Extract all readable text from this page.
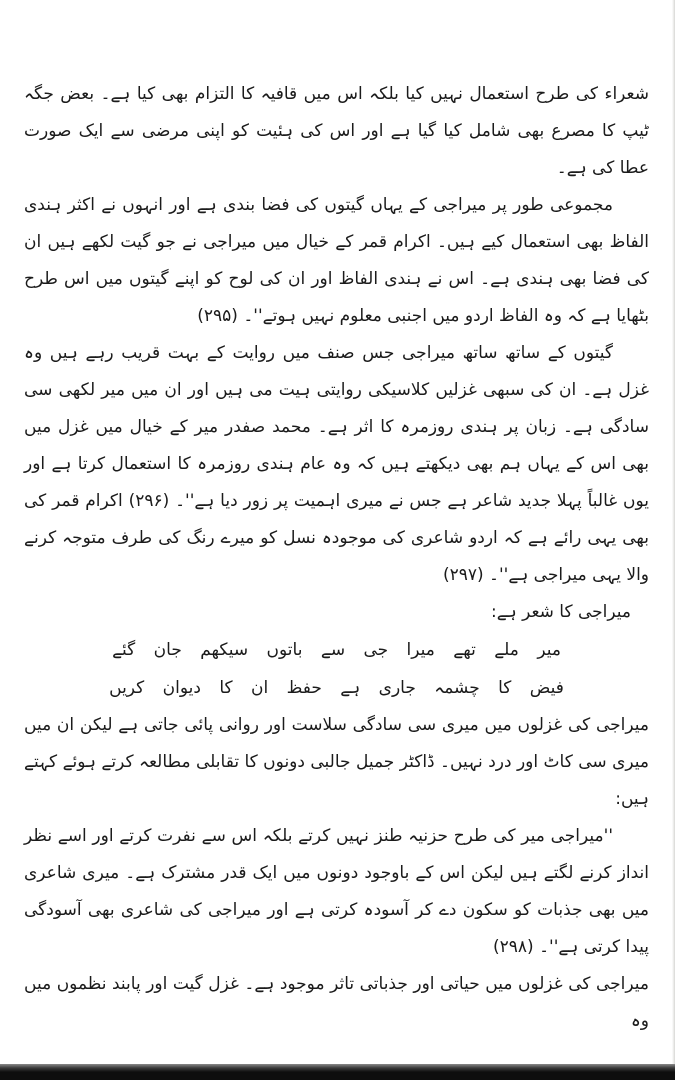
شعراء کی طرح استعمال نہیں کیا بلکہ اس میں قافیہ کا التزام بھی کیا ہے۔ بعض جگہ ٹیپ کا مصرع بھی شامل کیا گیا ہے اور اس کی ہئیت کو اپنی مرضی سے ایک صورت عطا کی ہے۔

مجموعی طور پر میراجی کے یہاں گیتوں کی فضا بندی ہے اور انہوں نے اکثر ہندی الفاظ بھی استعمال کیے ہیں۔ اکرام قمر کے خیال میں میراجی نے جو گیت لکھے ہیں ان کی فضا بھی ہندی ہے۔ اس نے ہندی الفاظ اور ان کی لوح کو اپنے گیتوں میں اس طرح بٹھایا ہے کہ وہ الفاظ اردو میں اجنبی معلوم نہیں ہوتے''۔ (۲۹۵)

گیتوں کے ساتھ ساتھ میراجی جس صنف میں روایت کے بہت قریب رہے ہیں وہ غزل ہے۔ ان کی سبھی غزلیں کلاسیکی روایتی ہیت می ہیں اور ان میں میر لکھی سی سادگی ہے۔ زبان پر ہندی روزمرہ کا اثر ہے۔ محمد صفدر میر کے خیال میں غزل میں بھی اس کے یہاں ہم بھی دیکھتے ہیں کہ وہ عام ہندی روزمرہ کا استعمال کرتا ہے اور یوں غالباً پہلا جدید شاعر ہے جس نے میری اہمیت پر زور دیا ہے''۔ (۲۹۶) اکرام قمر کی بھی یہی رائے ہے کہ اردو شاعری کی موجودہ نسل کو میرے رنگ کی طرف متوجہ کرنے والا یہی میراجی ہے''۔ (۲۹۷)

میراجی کا شعر ہے:

میر ملے تھے میرا جی سے باتوں سیکھم جان گئے

فیض کا چشمہ جاری ہے حفظ ان کا دیوان کریں

میراجی کی غزلوں میں میری سی سادگی سلاست اور روانی پائی جاتی ہے لیکن ان میں میری سی کاٹ اور درد نہیں۔ ڈاکٹر جمیل جالبی دونوں کا تقابلی مطالعہ کرتے ہوئے کہتے ہیں:

''میراجی میر کی طرح حزنیہ طنز نہیں کرتے بلکہ اس سے نفرت کرتے اور اسے نظر انداز کرنے لگتے ہیں لیکن اس کے باوجود دونوں میں ایک قدر مشترک ہے۔ میری شاعری میں بھی جذبات کو سکون دے کر آسودہ کرتی ہے اور میراجی کی شاعری بھی آسودگی پیدا کرتی ہے''۔ (۲۹۸)

میراجی کی غزلوں میں حیاتی اور جذباتی تاثر موجود ہے۔ غزل گیت اور پابند نظموں میں وہ
